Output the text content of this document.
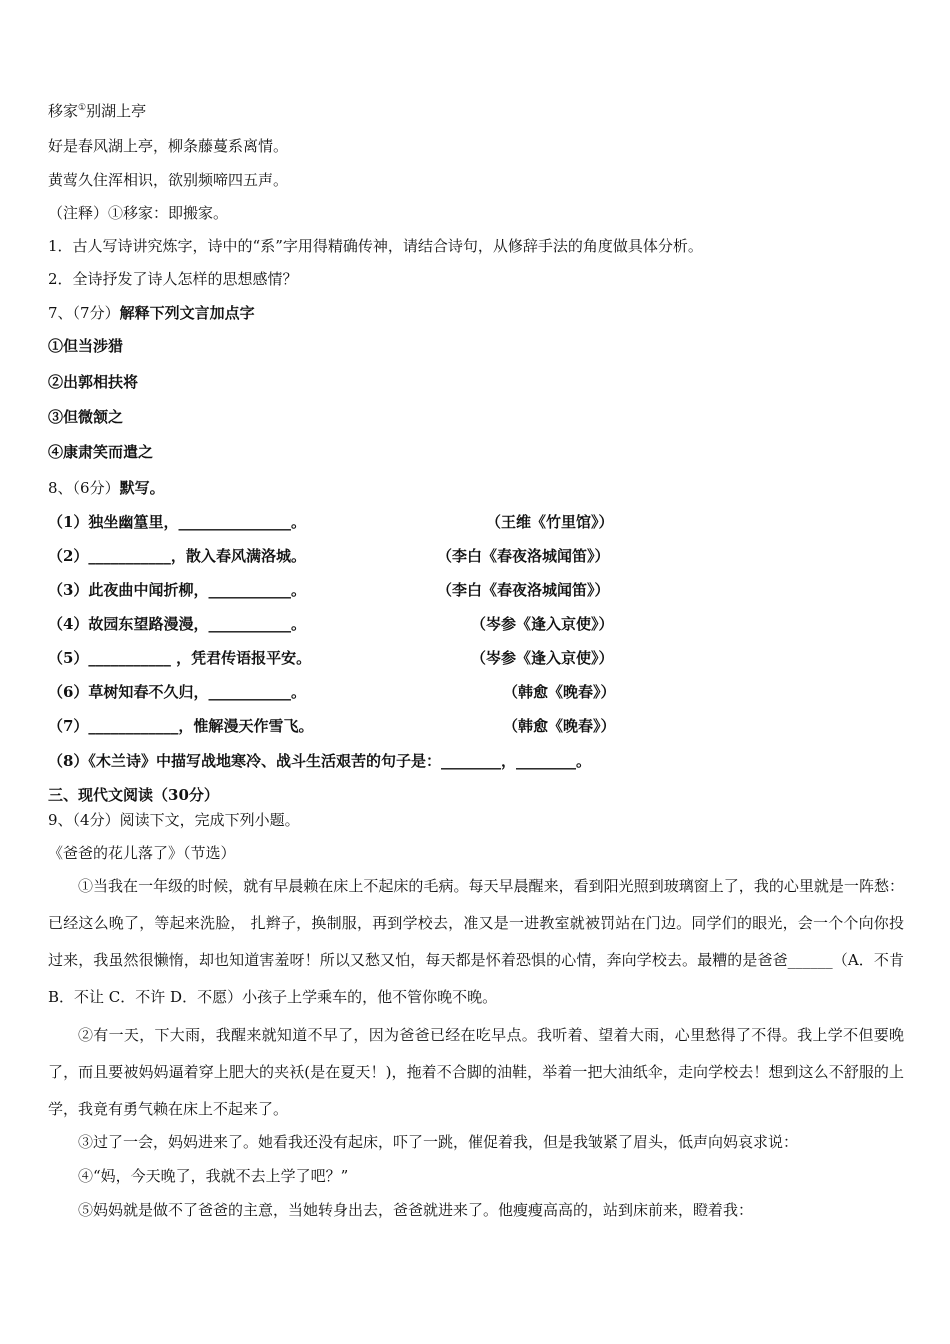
移家①别湖上亭
好是春风湖上亭，柳条藤蔓系离情。
黄莺久住浑相识，欲别频啼四五声。
（注释）①移家：即搬家。
1．古人写诗讲究炼字，诗中的“系”字用得精确传神，请结合诗句，从修辞手法的角度做具体分析。
2．全诗抒发了诗人怎样的思想感情？
7、（7分）解释下列文言加点字
①但当涉猎
②出郭相扶将
③但微颔之
④康肃笑而遣之
8、（6分）默写。
（1）独坐幽篁里，_______________。	（王维《竹里馆》）
（2）___________，散入春风满洛城。	（李白《春夜洛城闻笛》）
（3）此夜曲中闻折柳，___________。	（李白《春夜洛城闻笛》）
（4）故园东望路漫漫，___________。	（岑参《逢入京使》）
（5）___________ ，凭君传语报平安。	（岑参《逢入京使》）
（6）草树知春不久归，___________。	（韩愈《晚春》）
（7）____________，惟解漫天作雪飞。	（韩愈《晚春》）
（8）《木兰诗》中描写战地寒冷、战斗生活艰苦的句子是：________，________。
三、现代文阅读（30分）
9、（4分）阅读下文，完成下列小题。
《爸爸的花儿落了》（节选）
①当我在一年级的时候，就有早晨赖在床上不起床的毛病。每天早晨醒来，看到阳光照到玻璃窗上了，我的心里就是一阵愁：已经这么晚了，等起来洗脸， 扎辫子，换制服，再到学校去，准又是一进教室就被罚站在门边。同学们的眼光，会一个个向你投过来，我虽然很懒惰，却也知道害羞呀！所以又愁又怕，每天都是怀着恐惧的心情，奔向学校去。最糟的是爸爸______（A．不肯 B．不让 C．不许 D．不愿）小孩子上学乘车的，他不管你晚不晚。
②有一天，下大雨，我醒来就知道不早了，因为爸爸已经在吃早点。我听着、望着大雨，心里愁得了不得。我上学不但要晚了，而且要被妈妈逼着穿上肥大的夹袄(是在夏天！)，拖着不合脚的油鞋，举着一把大油纸伞，走向学校去！想到这么不舒服的上学，我竟有勇气赖在床上不起来了。
③过了一会，妈妈进来了。她看我还没有起床，吓了一跳，催促着我，但是我皱紧了眉头，低声向妈哀求说：
④“妈，今天晚了，我就不去上学了吧？”
⑤妈妈就是做不了爸爸的主意，当她转身出去，爸爸就进来了。他瘦瘦高高的，站到床前来，瞪着我：
